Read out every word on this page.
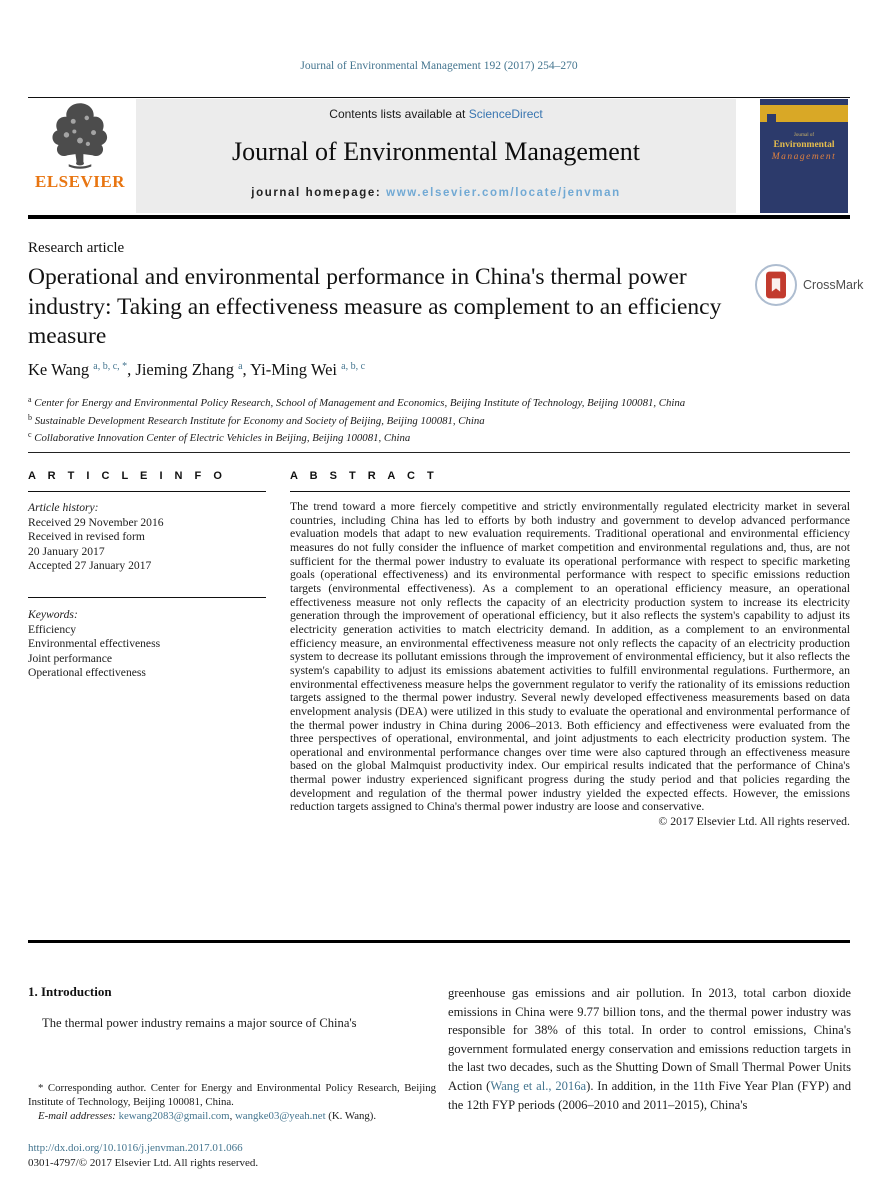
Journal of Environmental Management 192 (2017) 254–270
ELSEVIER
Contents lists available at ScienceDirect
Journal of Environmental Management
journal homepage: www.elsevier.com/locate/jenvman
Journal of
Environmental
Management
Research article
Operational and environmental performance in China's thermal power industry: Taking an effectiveness measure as complement to an efficiency measure
CrossMark
Ke Wang $^{a, b, c, *}$, Jieming Zhang $^a$, Yi-Ming Wei $^{a, b, c}$
$^a$ Center for Energy and Environmental Policy Research, School of Management and Economics, Beijing Institute of Technology, Beijing 100081, China
$^b$ Sustainable Development Research Institute for Economy and Society of Beijing, Beijing 100081, China
$^c$ Collaborative Innovation Center of Electric Vehicles in Beijing, Beijing 100081, China
A R T I C L E I N F O	A B S T R A C T
Article history:
Received 29 November 2016
Received in revised form
20 January 2017
Accepted 27 January 2017
Keywords:
Efficiency
Environmental effectiveness
Joint performance
Operational effectiveness
The trend toward a more fiercely competitive and strictly environmentally regulated electricity market in several countries, including China has led to efforts by both industry and government to develop advanced performance evaluation models that adapt to new evaluation requirements. Traditional operational and environmental efficiency measures do not fully consider the influence of market competition and environmental regulations and, thus, are not sufficient for the thermal power industry to evaluate its operational performance with respect to specific marketing goals (operational effectiveness) and its environmental performance with respect to specific emissions reduction targets (environmental effectiveness). As a complement to an operational efficiency measure, an operational effectiveness measure not only reflects the capacity of an electricity production system to increase its electricity generation through the improvement of operational efficiency, but it also reflects the system's capability to adjust its electricity generation activities to match electricity demand. In addition, as a complement to an environmental efficiency measure, an environmental effectiveness measure not only reflects the capacity of an electricity production system to decrease its pollutant emissions through the improvement of environmental efficiency, but it also reflects the system's capability to adjust its emissions abatement activities to fulfill environmental regulations. Furthermore, an environmental effectiveness measure helps the government regulator to verify the rationality of its emissions reduction targets assigned to the thermal power industry. Several newly developed effectiveness measurements based on data envelopment analysis (DEA) were utilized in this study to evaluate the operational and environmental performance of the thermal power industry in China during 2006–2013. Both efficiency and effectiveness were evaluated from the three perspectives of operational, environmental, and joint adjustments to each electricity production system. The operational and environmental performance changes over time were also captured through an effectiveness measure based on the global Malmquist productivity index. Our empirical results indicated that the performance of China's thermal power industry experienced significant progress during the study period and that policies regarding the development and regulation of the thermal power industry yielded the expected effects. However, the emissions reduction targets assigned to China's thermal power industry are loose and conservative.
© 2017 Elsevier Ltd. All rights reserved.
1. Introduction
The thermal power industry remains a major source of China's
greenhouse gas emissions and air pollution. In 2013, total carbon dioxide emissions in China were 9.77 billion tons, and the thermal power industry was responsible for 38% of this total. In order to control emissions, China's government formulated energy conservation and emissions reduction targets in the last two decades, such as the Shutting Down of Small Thermal Power Units Action (Wang et al., 2016a). In addition, in the 11th Five Year Plan (FYP) and the 12th FYP periods (2006–2010 and 2011–2015), China's

* Corresponding author. Center for Energy and Environmental Policy Research, Beijing Institute of Technology, Beijing 100081, China.

E-mail addresses: kewang2083@gmail.com, wangke03@yeah.net (K. Wang).

http://dx.doi.org/10.1016/j.jenvman.2017.01.066
0301-4797/© 2017 Elsevier Ltd. All rights reserved.
